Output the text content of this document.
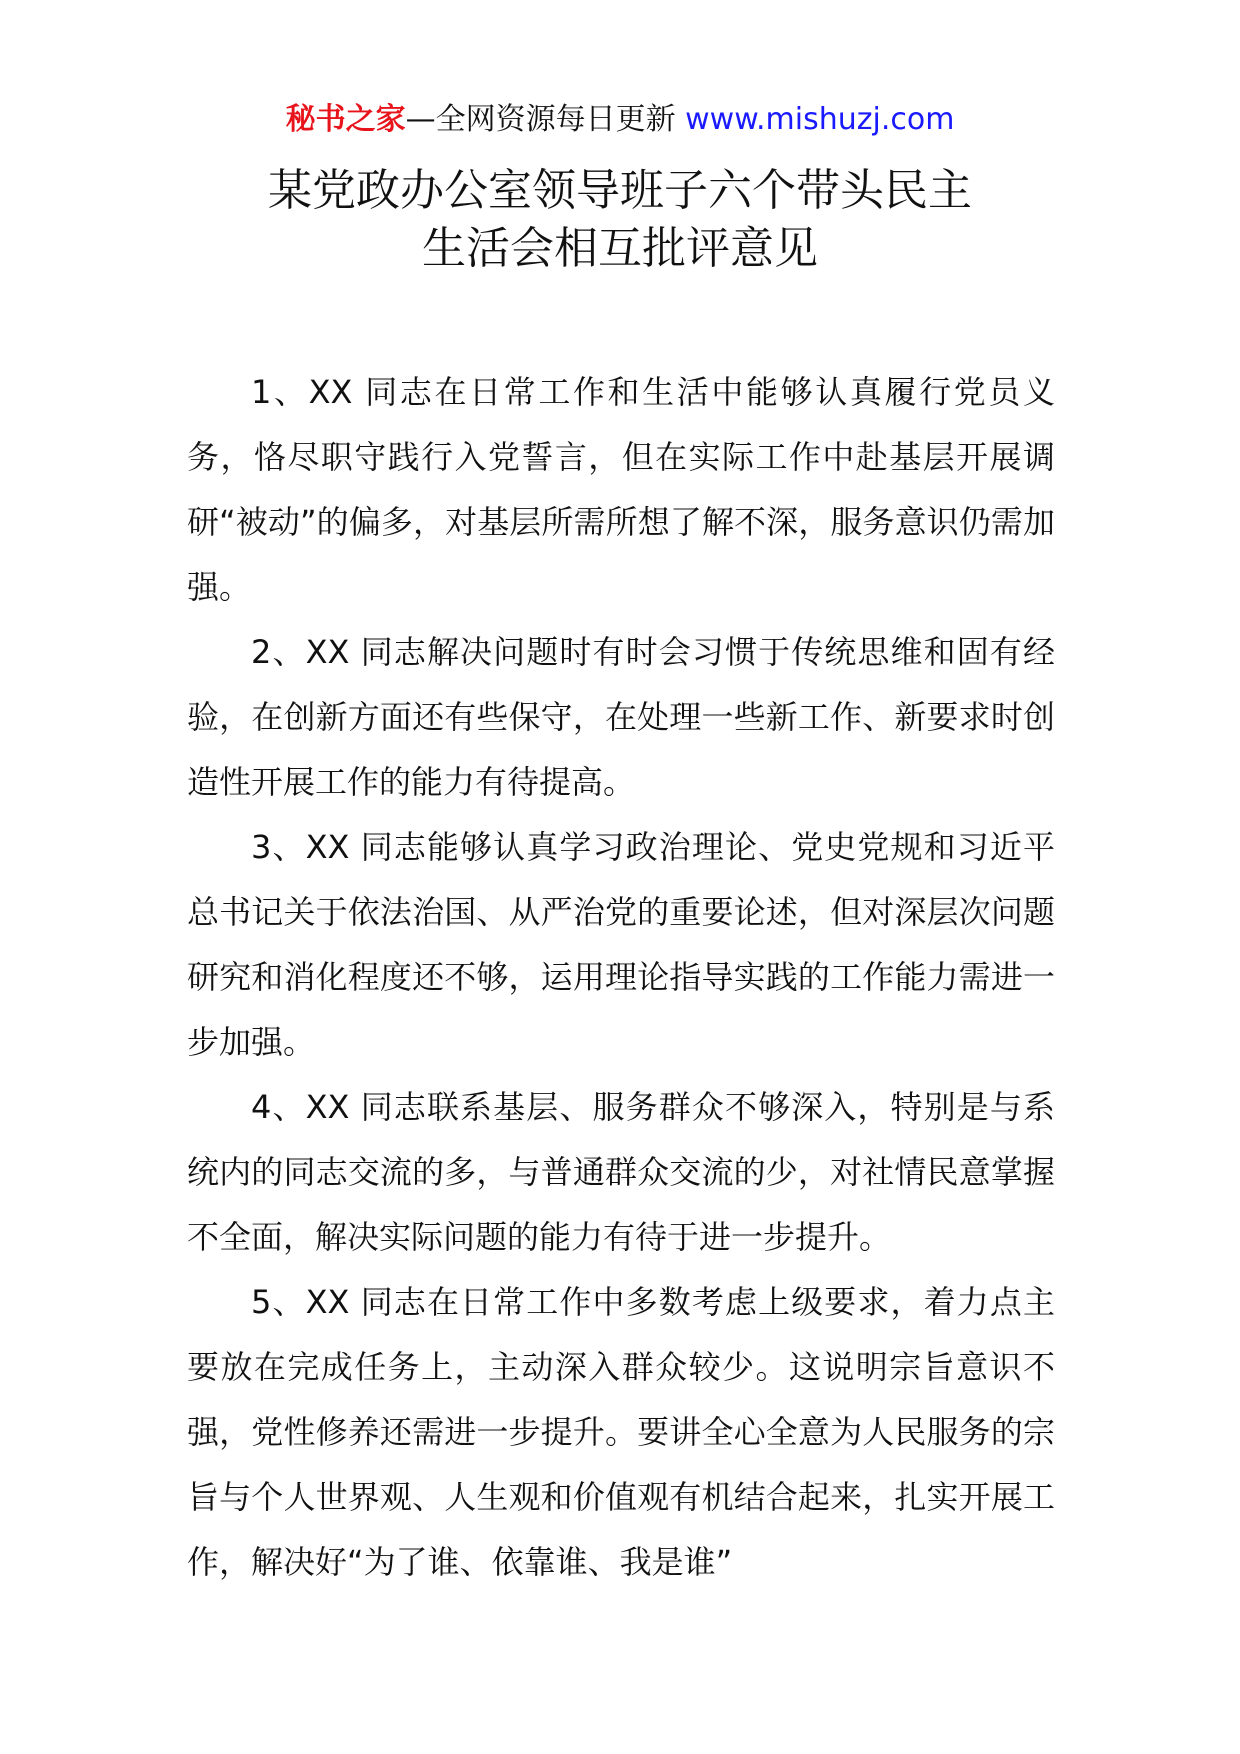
秘书之家—全网资源每日更新 www.mishuzj.com
某党政办公室领导班子六个带头民主
生活会相互批评意见

1、XX 同志在日常工作和生活中能够认真履行党员义务，恪尽职守践行入党誓言，但在实际工作中赴基层开展调研“被动”的偏多，对基层所需所想了解不深，服务意识仍需加强。

2、XX 同志解决问题时有时会习惯于传统思维和固有经验，在创新方面还有些保守，在处理一些新工作、新要求时创造性开展工作的能力有待提高。

3、XX 同志能够认真学习政治理论、党史党规和习近平总书记关于依法治国、从严治党的重要论述，但对深层次问题研究和消化程度还不够，运用理论指导实践的工作能力需进一步加强。

4、XX 同志联系基层、服务群众不够深入，特别是与系统内的同志交流的多，与普通群众交流的少，对社情民意掌握不全面，解决实际问题的能力有待于进一步提升。

5、XX 同志在日常工作中多数考虑上级要求，着力点主要放在完成任务上，主动深入群众较少。这说明宗旨意识不强，党性修养还需进一步提升。要讲全心全意为人民服务的宗旨与个人世界观、人生观和价值观有机结合起来，扎实开展工作，解决好“为了谁、依靠谁、我是谁”
